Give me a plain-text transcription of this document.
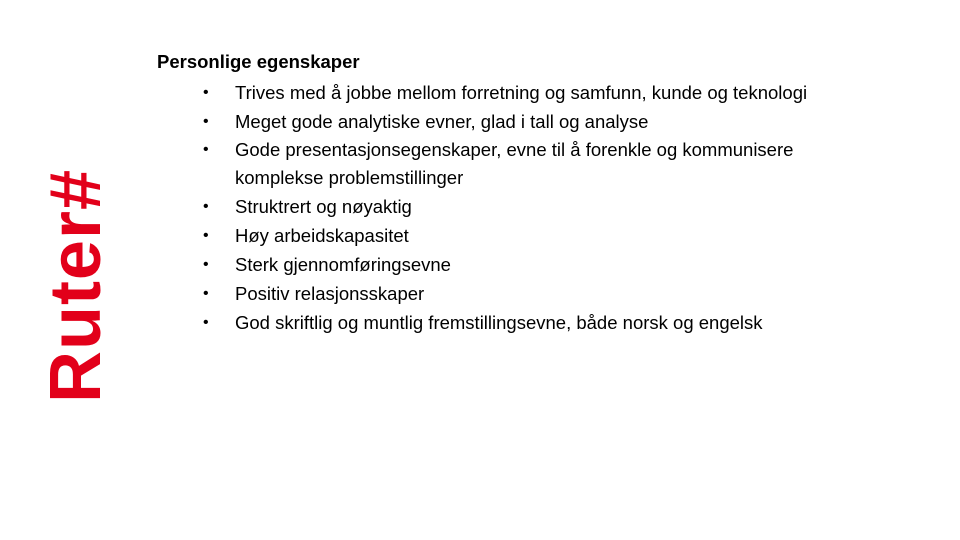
Ruter#
Personlige egenskaper
• Trives med å jobbe mellom forretning og samfunn, kunde og teknologi
• Meget gode analytiske evner, glad i tall og analyse
• Gode presentasjonsegenskaper, evne til å forenkle og kommunisere komplekse problemstillinger
• Struktrert og nøyaktig
• Høy arbeidskapasitet
• Sterk gjennomføringsevne
• Positiv relasjonsskaper
• God skriftlig og muntlig fremstillingsevne, både norsk og engelsk
